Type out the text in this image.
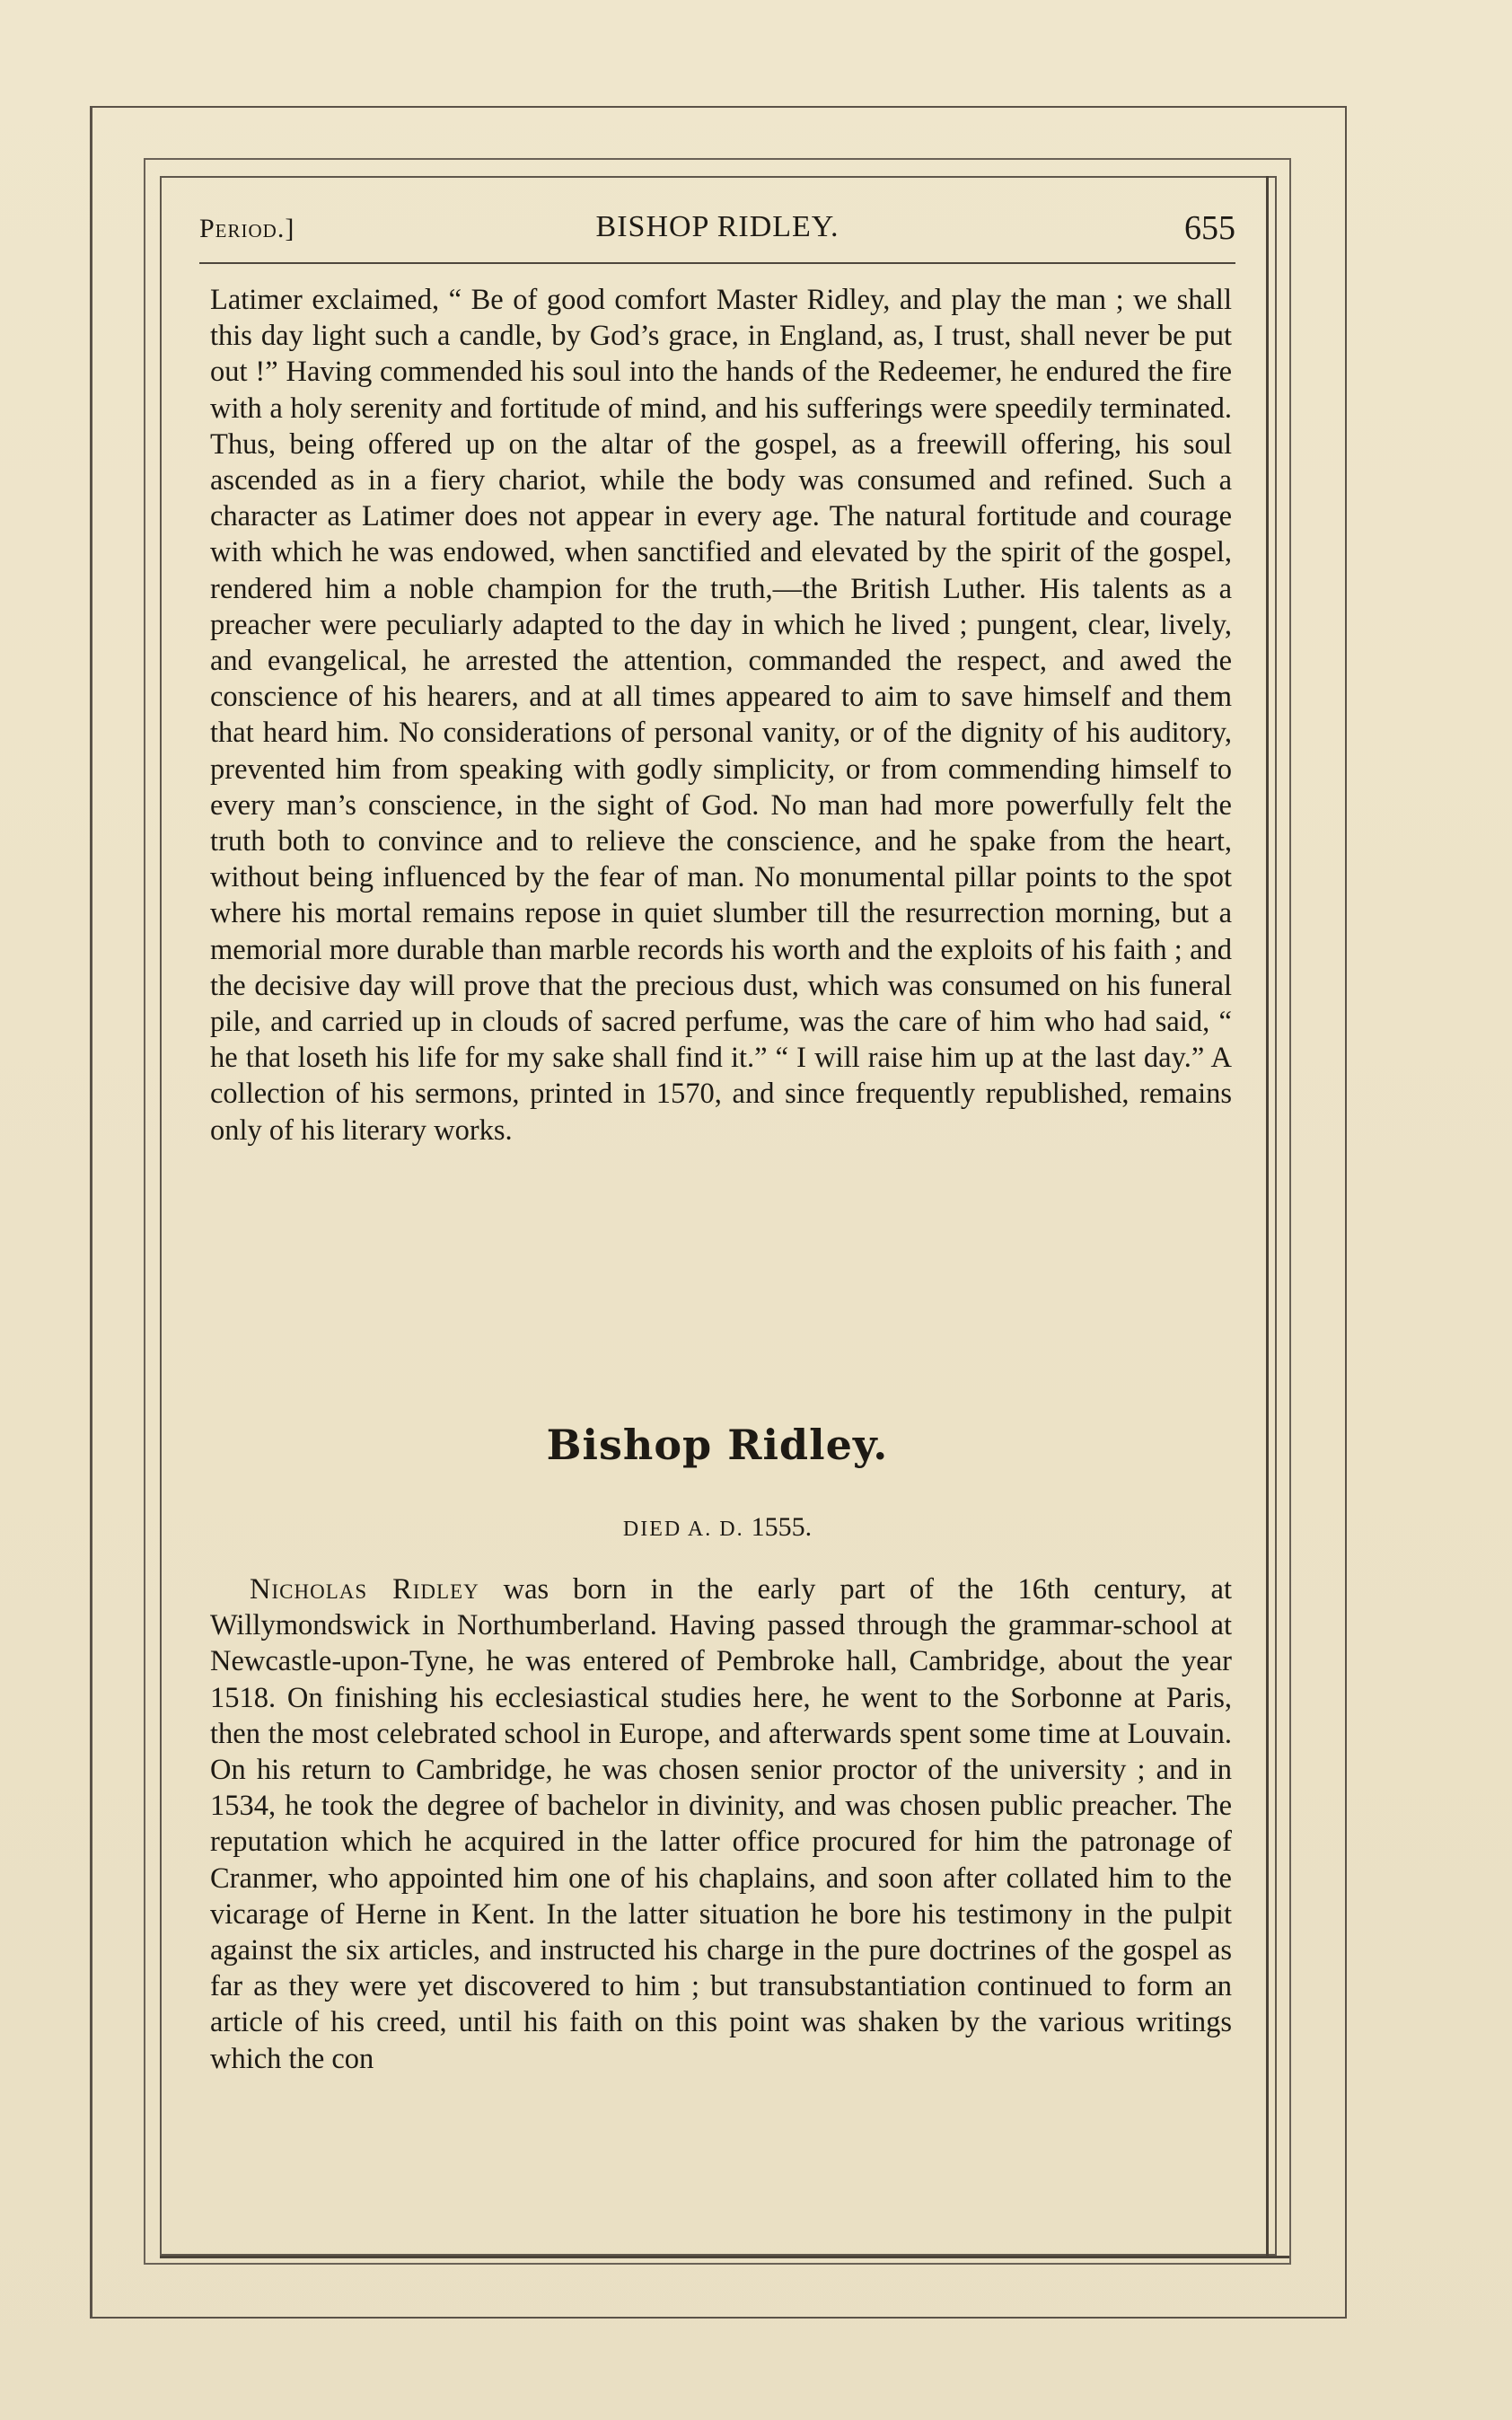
Period.]	BISHOP RIDLEY.	655

Latimer exclaimed, “ Be of good comfort Master Ridley, and play the man ; we shall this day light such a candle, by God’s grace, in England, as, I trust, shall never be put out !” Having commended his soul into the hands of the Redeemer, he endured the fire with a holy serenity and fortitude of mind, and his sufferings were speedily terminated. Thus, being offered up on the altar of the gospel, as a freewill offering, his soul ascended as in a fiery chariot, while the body was consumed and refined. Such a character as Latimer does not appear in every age. The natural fortitude and courage with which he was endowed, when sanctified and elevated by the spirit of the gospel, rendered him a noble champion for the truth,—the British Luther. His talents as a preacher were peculiarly adapted to the day in which he lived ; pungent, clear, lively, and evangelical, he arrested the attention, commanded the respect, and awed the conscience of his hearers, and at all times appeared to aim to save himself and them that heard him. No considerations of personal vanity, or of the dignity of his auditory, prevented him from speaking with godly simplicity, or from commending himself to every man’s conscience, in the sight of God. No man had more powerfully felt the truth both to convince and to relieve the conscience, and he spake from the heart, without being influenced by the fear of man. No monumental pillar points to the spot where his mortal remains repose in quiet slumber till the resurrection morning, but a memorial more durable than marble records his worth and the exploits of his faith ; and the decisive day will prove that the precious dust, which was consumed on his funeral pile, and carried up in clouds of sacred perfume, was the care of him who had said, “ he that loseth his life for my sake shall find it.” “ I will raise him up at the last day.” A collection of his sermons, printed in 1570, and since frequently republished, remains only of his literary works.

Bishop Ridley.
DIED A. D. 1555.

Nicholas Ridley was born in the early part of the 16th century, at Willymondswick in Northumberland. Having passed through the grammar-school at Newcastle-upon-Tyne, he was entered of Pembroke hall, Cambridge, about the year 1518. On finishing his ecclesiastical studies here, he went to the Sorbonne at Paris, then the most celebrated school in Europe, and afterwards spent some time at Louvain. On his return to Cambridge, he was chosen senior proctor of the university ; and in 1534, he took the degree of bachelor in divinity, and was chosen public preacher. The reputation which he acquired in the latter office procured for him the patronage of Cranmer, who appointed him one of his chaplains, and soon after collated him to the vicarage of Herne in Kent. In the latter situation he bore his testimony in the pulpit against the six articles, and instructed his charge in the pure doctrines of the gospel as far as they were yet discovered to him ; but transubstantiation continued to form an article of his creed, until his faith on this point was shaken by the various writings which the con
